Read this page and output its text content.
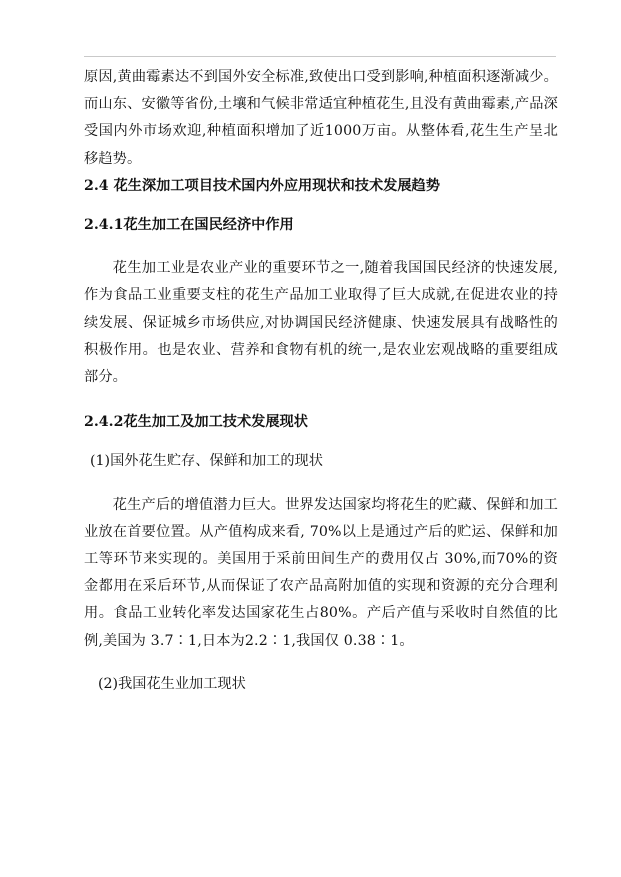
原因,黄曲霉素达不到国外安全标准,致使出口受到影响,种植面积逐渐减少。而山东、安徽等省份,土壤和气候非常适宜种植花生,且没有黄曲霉素,产品深受国内外市场欢迎,种植面积增加了近1000万亩。从整体看,花生生产呈北移趋势。

2.4 花生深加工项目技术国内外应用现状和技术发展趋势

2.4.1花生加工在国民经济中作用

花生加工业是农业产业的重要环节之一,随着我国国民经济的快速发展,作为食品工业重要支柱的花生产品加工业取得了巨大成就,在促进农业的持续发展、保证城乡市场供应,对协调国民经济健康、快速发展具有战略性的积极作用。也是农业、营养和食物有机的统一,是农业宏观战略的重要组成部分。

2.4.2花生加工及加工技术发展现状

(1)国外花生贮存、保鲜和加工的现状

花生产后的增值潜力巨大。世界发达国家均将花生的贮藏、保鲜和加工业放在首要位置。从产值构成来看, 70%以上是通过产后的贮运、保鲜和加工等环节来实现的。美国用于采前田间生产的费用仅占 30%,而70%的资金都用在采后环节,从而保证了农产品高附加值的实现和资源的充分合理利用。食品工业转化率发达国家花生占80%。产后产值与采收时自然值的比例,美国为 3.7∶1,日本为2.2∶1,我国仅 0.38∶1。

(2)我国花生业加工现状
